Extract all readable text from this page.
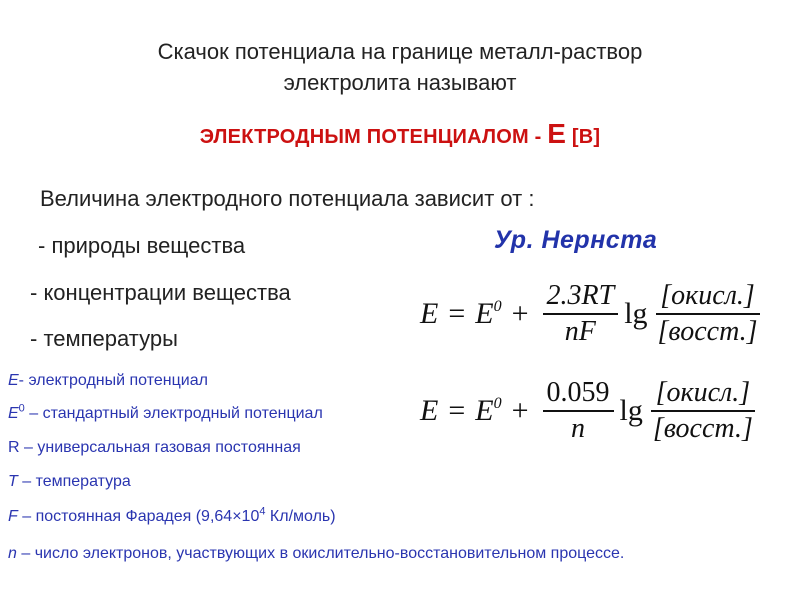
Скачок потенциала на границе металл-раствор
электролита называют
ЭЛЕКТРОДНЫМ ПОТЕНЦИАЛОМ - E [B]
Величина электродного потенциала зависит от :
- природы вещества
- концентрации вещества
- температуры
Ур. Нернста
$E = E^0 + \frac{2.3RT}{nF}$ $\lg \frac{\text{[окисл.]}}{\text{[восст.]}}$
$E = E^0 + \frac{0.059}{n}$ $\lg \frac{\text{[окисл.]}}{\text{[восст.]}}$
E- электродный потенциал
$E^0$ – стандартный электродный потенциал
R – универсальная газовая постоянная
T – температура
F – постоянная Фарадея ($9,64\times 10^4$ Кл/моль)
n – число электронов, участвующих в окислительно-восстановительном процессе.
